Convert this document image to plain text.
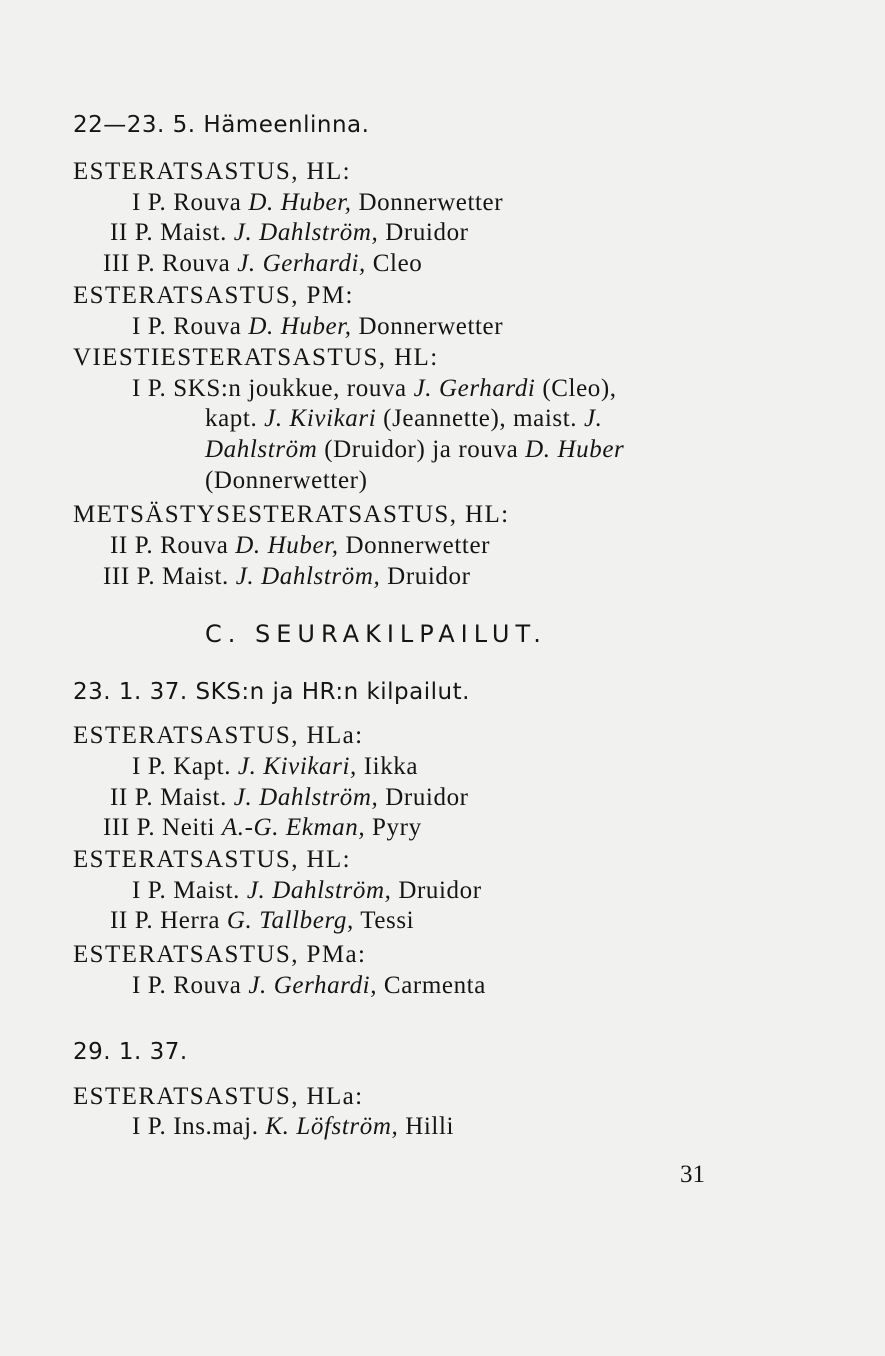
31
22—23. 5. Hämeenlinna.
ESTERATSASTUS, HL:
I P. Rouva D. Huber, Donnerwetter
II P. Maist. J. Dahlström, Druidor
III P. Rouva J. Gerhardi, Cleo
ESTERATSASTUS, PM:
I P. Rouva D. Huber, Donnerwetter
VIESTIESTERATSASTUS, HL:
I P. SKS:n joukkue, rouva J. Gerhardi (Cleo),
kapt. J. Kivikari (Jeannette), maist. J.
Dahlström (Druidor) ja rouva D. Huber
(Donnerwetter)
METSÄSTYSESTERATSASTUS, HL:
II P. Rouva D. Huber, Donnerwetter
III P. Maist. J. Dahlström, Druidor
C. SEURAKILPAILUT.
23. 1. 37. SKS:n ja HR:n kilpailut.
ESTERATSASTUS, HLa:
I P. Kapt. J. Kivikari, Iikka
II P. Maist. J. Dahlström, Druidor
III P. Neiti A.-G. Ekman, Pyry
ESTERATSASTUS, HL:
I P. Maist. J. Dahlström, Druidor
II P. Herra G. Tallberg, Tessi
ESTERATSASTUS, PMa:
I P. Rouva J. Gerhardi, Carmenta
29. 1. 37.
ESTERATSASTUS, HLa:
I P. Ins.maj. K. Löfström, Hilli
